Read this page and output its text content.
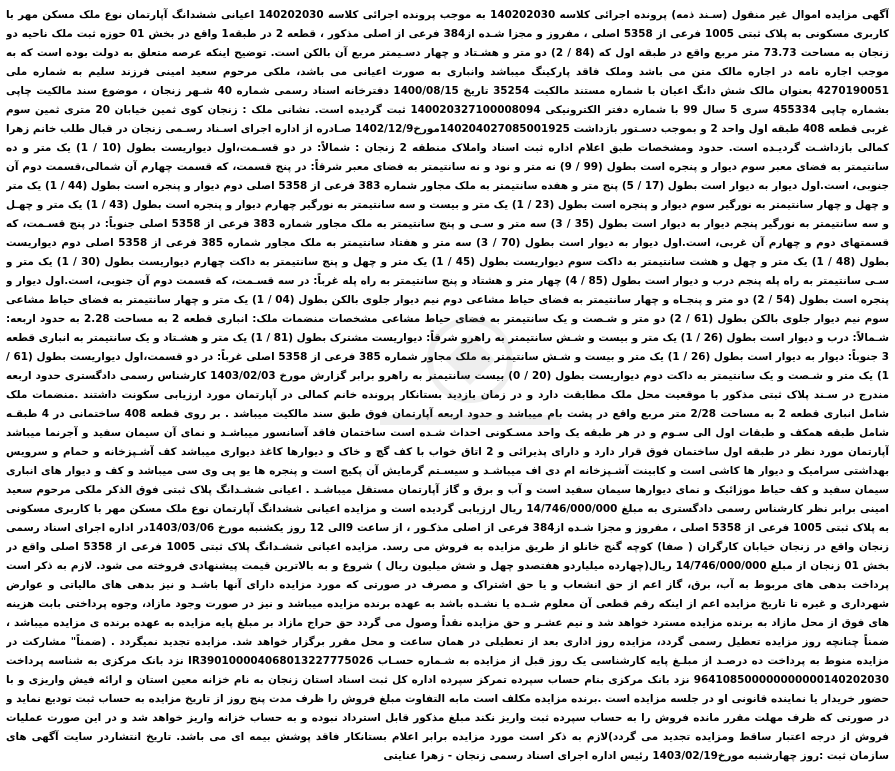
آگهی مزایده اموال غیر منقول (سـند ذمه) پرونده اجرائی کلاسه 140202030 به موجب پرونده اجرائی کلاسه 140202030 اعیانی ششدانگ آپارتمان نوع ملک مسکن مهر با کاربری مسکونی به پلاک ثبتی 1005 فرعی از 5358 اصلی ، مفروز و مجزا شـده از384 فرعی از اصلی مذکور ، قطعه 2 در طبقه1 واقع در بخش 01 حوزه ثبت ملک ناحیه دو زنجان به مساحت 73.73 متر مربع واقع در طبقه اول که (84 / 2) دو متر و هشـتاد و چهار دسـیمتر مربع آن بالکن است. توضیح اینکه عرصه متعلق به دولت بوده است که به موجب اجاره نامه در اجاره مالک متن می باشد وملک فاقد پارکینگ میباشد وانباری به صورت اعیانی می باشد، ملکی مرحوم سعید امینی فرزند سلیم به شماره ملی 4270190051 بعنوان مالک شش دانگ اعیان با شماره مستند مالکیت 35254 تاریخ 1400/08/15 دفترخانه اسناد رسمی شماره 40 شـهر زنجان ، موضوع سند مالکیت چاپی بشماره چاپی 455334 سری 5 سال 99 با شماره دفتر الکترونیکی 140020327100008094 ثبت گردیده است. نشانی ملک : زنجان کوی ثمین خیابان 20 متری ثمین سوم غربی قطعه 408 طبقه اول واحد 2 و بموجب دسـتور بازداشت 140204027085001925مورخ1402/12/9 صـادره از اداره اجرای اسـناد رسـمی زنجان در قبال طلب خانم زهرا کمالی بازداشـت گردیـده است. حدود ومشخصات طبق اعلام اداره ثبت اسناد واملاک منطقه 2 زنجان : شمالاً: در دو قسـمت،اول دیواریست بطول (10 / 1) یک متر و ده سانتیمتر به فضای معبر سوم دیوار و پنجره است بطول (99 / 9) نه متر و نود و نه سانتیمتر به فضای معبر شرقاً: در پنج قسمت، که قسمت چهارم آن شمالی،قسمت دوم آن جنوبی، است.اول دیوار به دیوار است بطول (17 / 5) پنج متر و هفده سانتیمتر به ملک مجاور شماره 383 فرعی از 5358 اصلی دوم دیوار و پنجره است بطول (44 / 1) یک متر و چهل و چهار سانتیمتر به نورگیر سوم دیوار و پنجره است بطول (23 / 1) یک متر و بیست و سه سانتیمتر به نورگیر چهارم دیوار و پنجره است بطول (43 / 1) یک متر و چهـل و سه سانتیمتر به نورگیر پنجم دیوار به دیوار است بطول (35 / 3) سه متر و سـی و پنج سانتیمتر به ملک مجاور شماره 383 فرعی از 5358 اصلی جنوباً: در پنج قسـمت، که قسمتهای دوم و چهارم آن غربی، است.اول دیوار به دیوار است بطول (70 / 3) سه متر و هفتاد سانتیمتر به ملک مجاور شماره 385 فرعی از 5358 اصلی دوم دیواریست بطول (48 / 1) یک متر و چهل و هشت سانتیمتر به داکت سوم دیواریست بطول (45 / 1) یک متر و چهل و پنج سانتیمتر به داکت چهارم دیواریست بطول (30 / 1) یک متر و سـی سانتیمتر به راه پله پنجم درب و دیوار است بطول (85 / 4) چهار متر و هشتاد و پنج سانتیمتر به راه پله غرباً: در سه قسـمت، که قسمت دوم آن جنوبی، است.اول دیوار و پنجره است بطول (54 / 2) دو متر و پنجـاه و چهار سانتیمتر به فضای حیاط مشاعی دوم نیم دیوار جلوی بالکن بطول (04 / 1) یک متر و چهار سانتیمتر به فضای حیاط مشاعی سوم نیم دیوار جلوی بالکن بطول (61 / 2) دو متر و شـصت و یک سانتیمتر به فضای حیاط مشاعی مشخصات منضمات ملک: انباری قطعه 2 به مساحت 2.28 به حدود اربعه: شـمالاً: درب و دیوار است بطول (26 / 1) یک متر و بیست و شـش سانتیمتر به راهرو شرقاً: دیواریست مشترک بطول (81 / 1) یک متر و هشـتاد و یک سانتیمتر به انباری قطعه 3 جنوباً: دیوار به دیوار است بطول (26 / 1) یک متر و بیست و شـش سانتیمتر به ملک مجاور شماره 385 فرعی از 5358 اصلی غرباً: در دو قسمت،اول دیواریست بطول (61 / 1) یک متر و شـصت و یک سانتیمتر به داکت دوم دیواریست بطول (20 / 0) بیست سانتیمتر به راهرو برابر گزارش مورخ 1403/02/03 کارشناس رسمی دادگستری حدود اربعه مندرج در سـند پلاک ثبتی مذکور با موقعیت محل ملک مطابقت دارد و در زمان بازدید بستانکار پرونده خانم کمالی در آپارتمان مورد ارزیابی سکونت داشتند .منضمات ملک شامل انباری قطعه 2 به مساحت 2/28 متر مربع واقع در پشت بام میباشد و حدود اربعه آپارتمان فوق طبق سند مالکیت میباشد . بر روی قطعه 408 ساختمانی در 4 طبقـه شامل طبقه همکف و طبقات اول الی سـوم و در هر طبقه یک واحد مسـکونی احداث شـده است ساختمان فاقد آسانسور میباشـد و نمای آن سیمان سفید و آجرنما میباشد آپارتمان مورد نظر در طبقه اول ساختمان فوق قرار دارد و دارای پذیرائی و 2 اتاق خواب با کف گچ و خاک و دیوارها کاغذ دیواری میباشد کف آشـپزخانه و حمام و سرویس بهداشتی سرامیک و دیوار ها کاشی است و کابینت آشـپزخانه ام دی اف میباشـد و سیسـتم گرمایش آن پکیج است و پنجره ها یو پی وی سی میباشد و کف و دیوار های انباری سیمان سفید و کف حیاط موزائیک و نمای دیوارها سیمان سفید است و آب و برق و گاز آپارتمان مستقل میباشـد . اعیانی ششـدانگ پلاک ثبتی فوق الذکر ملکی مرحوم سعید امینی برابر نظر کارشناس رسمی دادگستری به مبلغ 14/746/000/000 ریال ارزیابی گردیده است و مزایده اعیانی ششدانگ آپارتمان نوع ملک مسکن مهر با کاربری مسکونی به پلاک ثبتی 1005 فرعی از 5358 اصلی ، مفروز و مجزا شـده از384 فرعی از اصلی مذکـور ، از ساعت 9الی 12 روز یکشنبه مورخ 1403/03/06در اداره اجرای اسناد رسمی زنجان واقع در زنجان خیابان کارگران ( صفا) کوچه گنج خانلو از طریق مزایده به فروش می رسد. مزایده اعیانی ششـدانگ پلاک ثبتی 1005 فرعی از 5358 اصلی واقع در بخش 01 زنجان از مبلغ 14/746/000/000 ریال(چهارده میلیاردو هفتصدو چهل و شش میلیون ریال ) شروع و به بالاترین قیمت پیشنهادی فروخته می شود. لازم به ذکر است پرداخت بدهی های مربوط به آب، برق، گاز اعم از حق انشعاب و یا حق اشتراک و مصرف در صورتی که مورد مزایده دارای آنها باشـد و نیز بدهی های مالیاتی و عوارض شهرداری و غیره تا تاریخ مزایده اعم از اینکه رقم قطعی آن معلوم شـده یا نشـده باشد به عهده برنده مزایده میباشد و نیز در صورت وجود مازاد، وجوه پرداختی بابت هزینه های فوق از محل مازاد به برنده مزایده مسترد خواهد شد و نیم عشـر و حق مزایده نقداً وصول می گردد حق حراج مازاد بر مبلغ پایه مزایده به عهده برنده ی مزایده میباشد ، ضمناً چنانچه روز مزایده تعطیل رسمی گردد، مزایده روز اداری بعد از تعطیلی در همان ساعت و محل مقرر برگزار خواهد شد. مزایده تجدید نمیگردد . (ضمناً" مشارکت در مزایده منوط به پرداخت ده درصـد از مبلـغ پایه کارشناسی یک روز قبل از مزایده به شـماره حسـاب IR390100004068013227775026 نزد بانک مرکزی به شناسه پرداخت 964108500000000000140202030 نزد بانک مرکزی بنام حساب سپرده تمرکز سپرده اداره کل ثبت اسناد استان زنجان به نام خزانه معین استان و ارائه فیش واریزی و با حضور خریدار یا نماینده قانونی او در جلسه مزایده است .برنده مزایده مکلف است مابه التفاوت مبلغ فروش را ظرف مدت پنج روز از تاریخ مزایده به حساب ثبت تودیع نماید و در صورتی که ظرف مهلت مقرر مانده فروش را به حساب سپرده ثبت واریز نکند مبلغ مذکور قابل استرداد نبوده و به حساب خزانه واریز خواهد شد و در این صورت عملیات فروش از درجه اعتبار ساقط ومزایده تجدید می گردد)لازم به ذکر است مورد مزایده برابر اعلام بستانکار فاقد پوشش بیمه ای می باشد. تاریخ انتشاردر سایت آگهی های سازمان ثبت :روز چهارشنبه مورخ1403/02/19 رئیس اداره اجرای اسناد رسمی زنجان - زهرا عنایتی
